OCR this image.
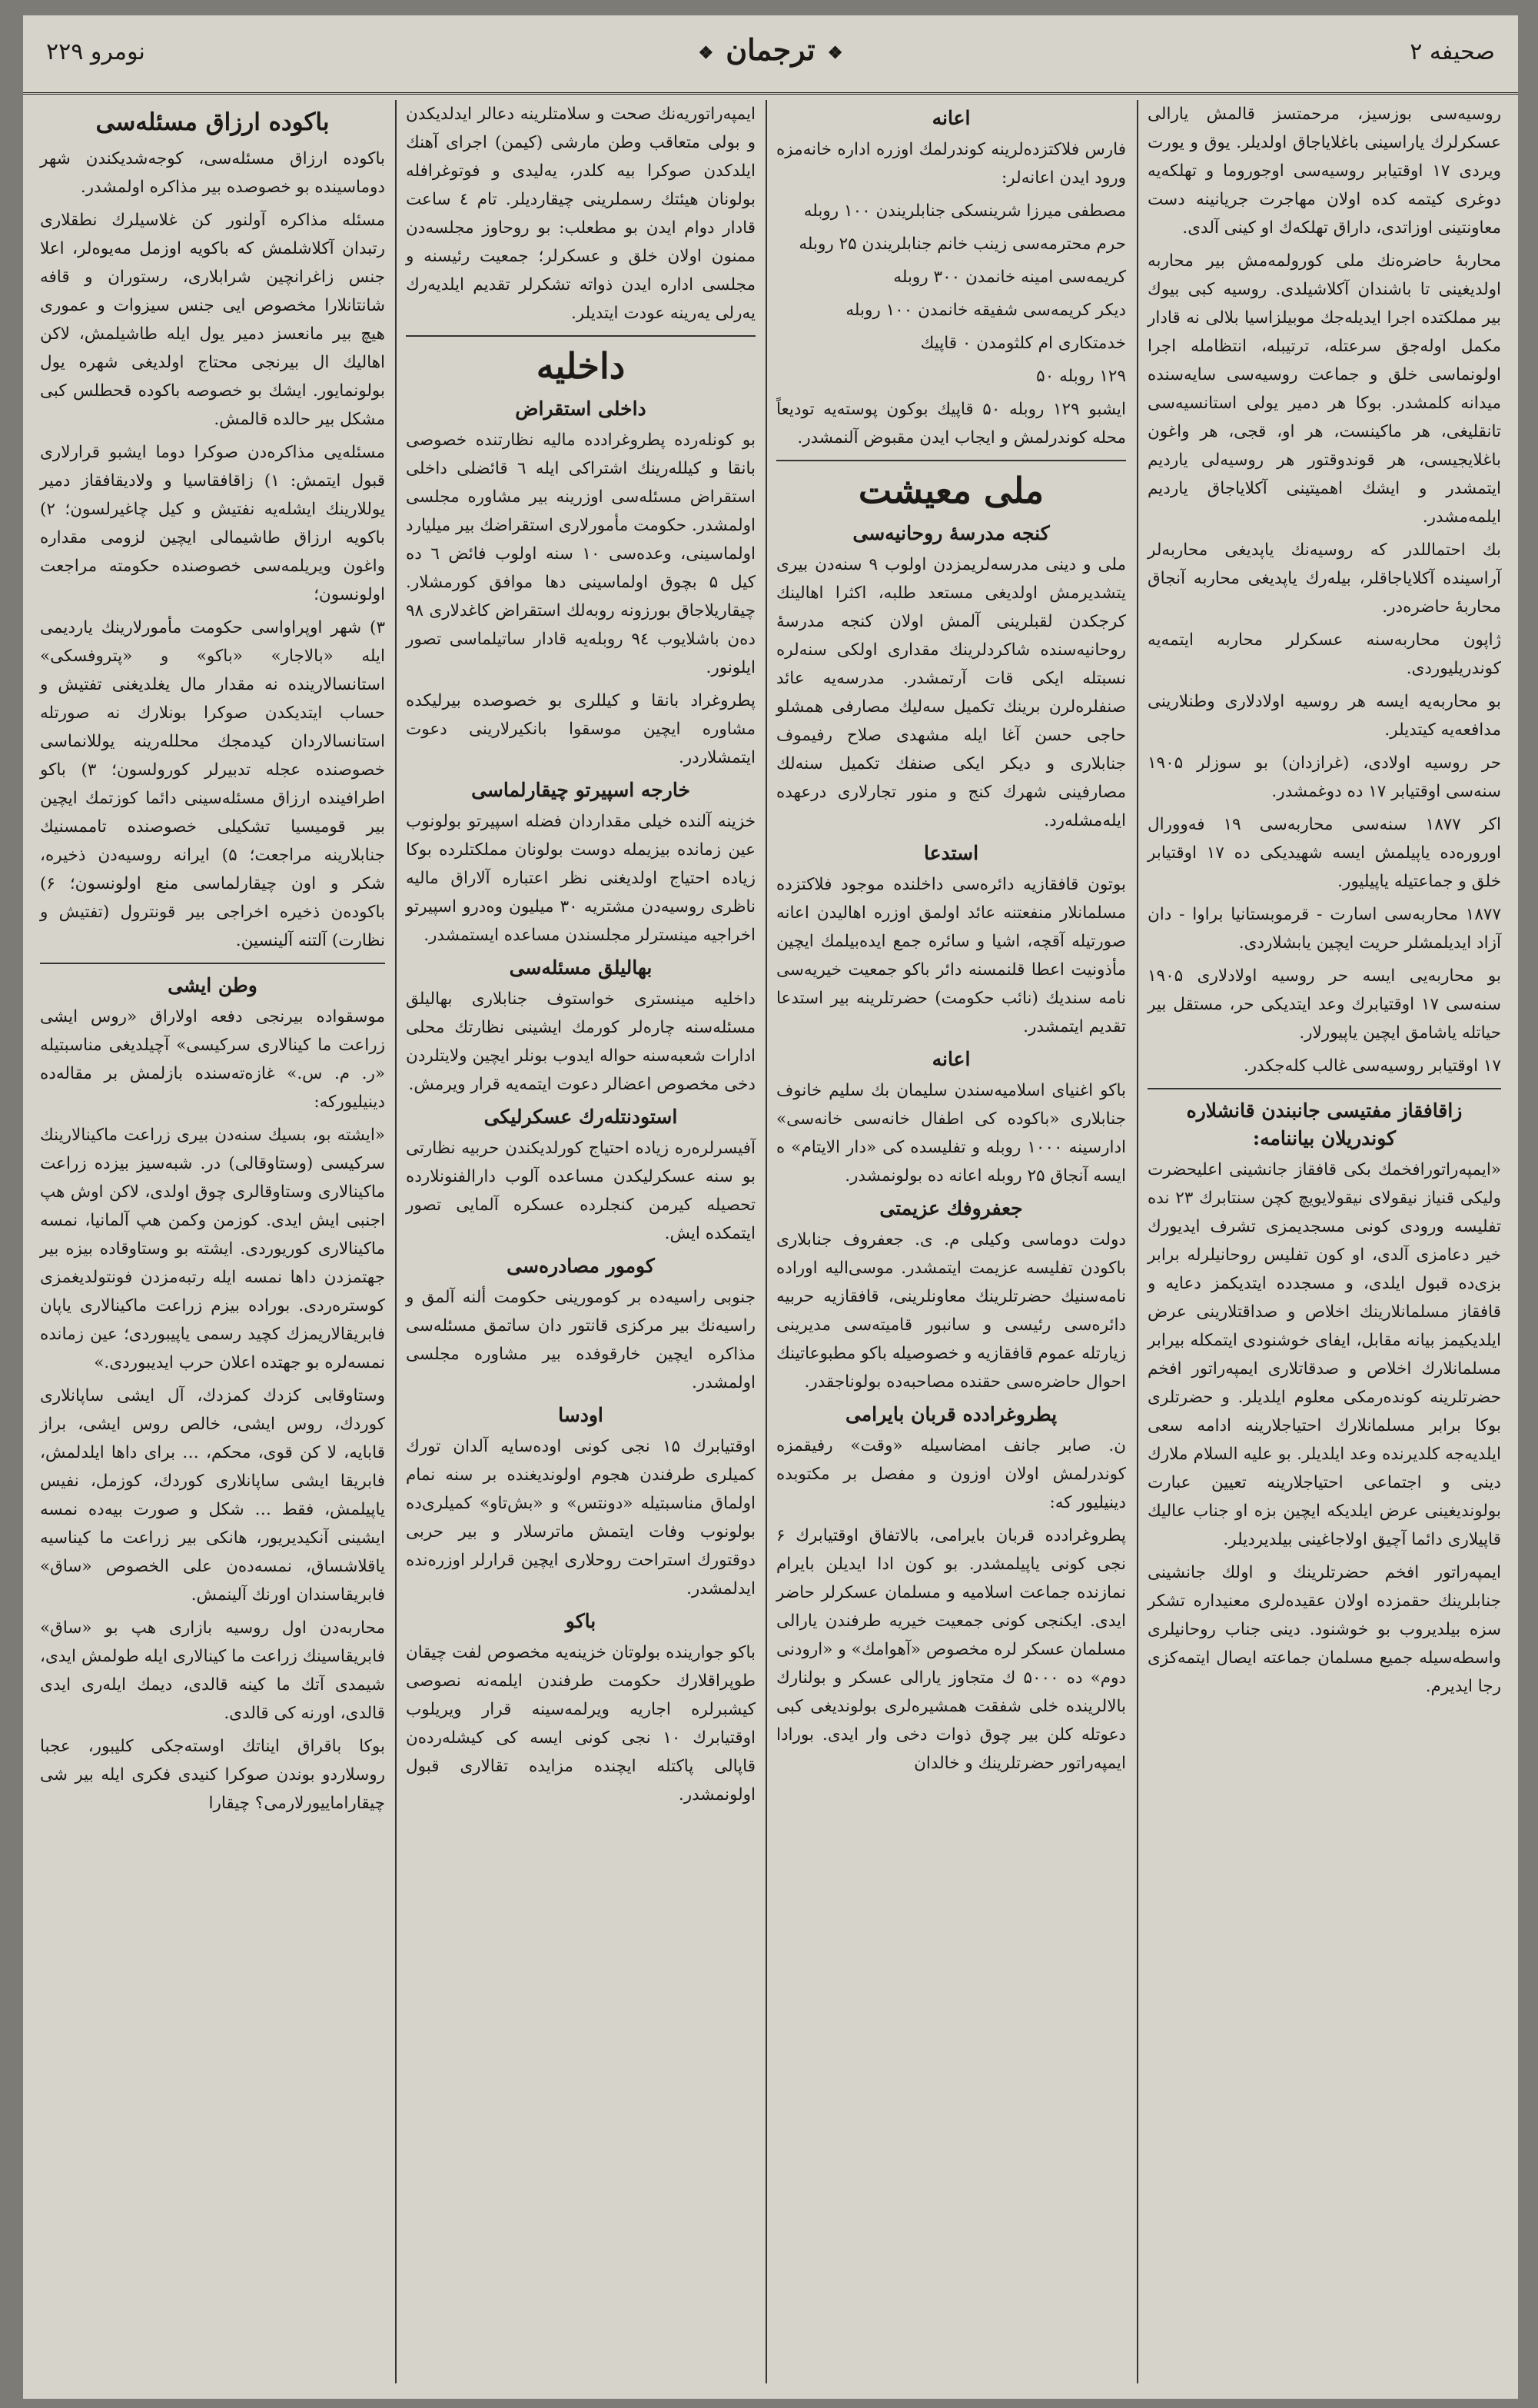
صحیفه ۲
❖ ترجمان ❖
نومرو ۲۲۹

روسیه‌سی بوزسیز، مرحمتسز قالمش یارالی عسکرلرك یاراسینی باغلایاجاق اولدیلر. یوق و یورت ویردی ۱۷ اوقتیابر روسیه‌سی اوجوروما و تهلکه‌یه دوغری کیتمه کده اولان مهاجرت جریانینه دست معاونتینی اوزاتدی، داراق تهلکه‌ك او کینی آلدی.

محاربه‌ٔ حاضره‌نك ملی کورولمه‌مش بیر محاربه اولدیغینی تا باشندان آکلاشیلدی. روسیه کبی بیوك بیر مملکتده اجرا ایدیله‌جك موبیلزاسیا بلالی نه قادار مکمل اوله‌جق سرعتله، ترتیبله، انتظامله اجرا اولونماسی خلق و جماعت روسیه‌سی سایه‌سنده میدانه کلمشدر. بوکا هر دمیر یولی استانسیه‌سی تانقلیغی، هر ماکینست، هر او، قجی، هر واغون باغلایجیسی، هر قوندوقتور هر روسیه‌لی یاردیم ایتمشدر و ایشك اهمیتینی آکلایاجاق یاردیم ایلمه‌مشدر.

بك احتماللدر که روسیه‌نك یاپدیغی محاربه‌لر آراسینده آکلایاجاقلر، بیله‌رك یاپدیغی محاربه آنجاق محاربهٔ حاضره‌در.

ژاپون محاربه‌سنه عسکرلر محاربه ایتمه‌یه کوندریلیوردی.

بو محاربه‌یه ایسه هر روسیه اولادلاری وطنلارینی مدافعه‌یه کیتدیلر.

حر روسیه اولادی، (غرازدان) بو سوزلر ۱۹۰۵ سنه‌سی اوقتیابر ۱۷ ده دوغمشدر.

اکر ۱۸۷۷ سنه‌سی محاربه‌سی ۱۹ فه‌وورال اوروره‌ده یاپیلمش ایسه شهیدیکی ده ۱۷ اوقتیابر خلق و جماعتیله یاپیلیور.

۱۸۷۷ محاربه‌سی اسارت - قرموبستانیا براوا - دان آزاد ایدیلمشلر حریت ایچین یابشلاردی.

بو محاربه‌یی ایسه حر روسیه اولادلاری ۱۹۰۵ سنه‌سی ۱۷ اوقتیابرك وعد ایتدیکی حر، مستقل بیر حیاتله یاشامق ایچین یاپیورلار.

۱۷ اوقتیابر روسیه‌سی غالب کله‌جکدر.

زاقافقاز مفتیسی جانبندن قانشلاره کوندریلان بیاننامه:

«ایمپه‌راتورافخمك بکی قافقاز جانشینی اعلیحضرت ولیکی قنیاز نیقولای نیقولایویچ کچن سنتابرك ۲۳ نده تفلیسه ورودی کونی مسجدیمزی تشرف ایدیورك خیر دعامزی آلدی، او کون تفلیس روحانیلرله برابر بزی‌ده قبول ایلدی، و مسجدده ایتدیکمز دعایه و قافقاز مسلمانلارینك اخلاص و صداقتلارینی عرض ایلدیکیمز بیانه مقابل، ایفای خوشنودی ایتمکله بیرابر مسلمانلارك اخلاص و صدقاتلاری ایمپه‌راتور افخم حضرتلرینه کونده‌رمکی معلوم ایلدیلر. و حضرتلری بوکا برابر مسلمانلارك احتیاجلارینه ادامه سعی ایلدیه‌جه کلدیرنده وعد ایلدیلر. بو علیه السلام ملارك دینی و اجتماعی احتیاجلارینه تعیین عبارت بولوندیغینی عرض ایلدیکه ایچین بزه او جناب عالیك قاپیلاری دائما آچیق اولاجاغینی بیلدیردیلر.

ایمپه‌راتور افخم حضرتلرینك و اولك جانشینی جنابلرینك حقمزده اولان عقیده‌لری معنیداره تشکر سزه بیلدیروب بو خوشنود. دینی جناب روحانیلری واسطه‌سیله جمیع مسلمان جماعته ایصال ایتمه‌کزی رجا ایدیرم.

اعانه

فارس فلاکتزده‌لرینه کوندرلمك اوزره اداره خانه‌مزه ورود ایدن اعانه‌لر:

مصطفی میرزا شرینسکی جنابلریندن ۱۰۰ روبله

حرم محترمه‌سی زینب خانم جنابلریندن ۲۵ روبله

کریمه‌سی امینه خانمدن ۳۰۰ روبله

دیکر کریمه‌سی شفیقه خانمدن ۱۰۰ روبله

خدمتکاری ام کلثومدن ۰ قاپیك

۱۲۹ روبله ۵۰

ایشبو ۱۲۹ روبله ۵۰ قاپیك بوکون پوسته‌یه تودیعاً محله کوندرلمش و ایجاب ایدن مقبوض آلنمشدر.

ملی معیشت
کنجه مدرسهٔ روحانیه‌سی

ملی و دینی مدرسه‌لریمزدن اولوب ۹ سنه‌دن بیری یتشدیرمش اولدیغی مستعد طلبه، اکثرا اهالینك کرجکدن لقبلرینی آلمش اولان کنجه مدرسهٔ روحانیه‌سنده شاکردلرینك مقداری اولکی سنه‌لره نسبتله ایکی قات آرتمشدر. مدرسه‌یه عائد صنفلره‌لرن برینك تکمیل سه‌لیك مصارفی همشلو حاجی حسن آغا ایله مشهدی صلاح رفیموف جنابلاری و دیکر ایکی صنفك تکمیل سنه‌لك مصارفینی شهرك کنج و منور تجارلاری درعهده ایله‌مشله‌رد.

استدعا

بوتون قافقازیه دائره‌سی داخلنده موجود فلاکتزده مسلمانلار منفعتنه عائد اولمق اوزره اهالیدن اعانه صورتیله آقچه، اشیا و سائره جمع ایده‌بیلمك ایچین مأذونیت اعطا قلنمسنه دائر باکو جمعیت خیریه‌سی نامه سندیك (نائب حکومت) حضرتلرینه بیر استدعا تقدیم ایتمشدر.

اعانه

باکو اغنیای اسلامیه‌سندن سلیمان بك سلیم خانوف جنابلاری «باکوده کی اطفال خانه‌سی خانه‌سی» ادارسینه ۱۰۰۰ روبله و تفلیسده کی «دار الایتام» ه ایسه آنجاق ۲۵ روبله اعانه ده بولونمشدر.

جعفروفك عزیمتی

دولت دوماسی وکیلی م. ی. جعفروف جنابلاری باکودن تفلیسه عزیمت ایتمشدر. موسی‌الیه اوراده نامه‌سنیك حضرتلرینك معاونلرینی، قافقازیه حربیه دائره‌سی رئیسی و سانبور قامیته‌سی مدیرینی زیارتله عموم قافقازیه و خصوصیله باکو مطبوعاتینك احوال حاضره‌سی حقنده مصاحبه‌ده بولوناجقدر.

پطروغراد‌ده قربان بایرامی

ن. صابر جانف امضاسیله «وقت» رفیقمزه کوندرلمش اولان اوزون و مفصل بر مکتوبده دینیلیور که:

پطروغراد‌ده قربان بایرامی، بالاتفاق اوقتیابرك ۶ نجی کونی یاپیلمشدر. بو کون ادا ایدیلن بایرام نمازنده جماعت اسلامیه و مسلمان عسکرلر حاضر ایدی. ایکنجی کونی جمعیت خیریه طرفندن یارالی مسلمان عسکر لره مخصوص «آهوامك» و «ارودنی دوم» ده ۵۰۰۰ ك متجاوز یارالی عسکر و بولنارك بالالرینده خلی شفقت همشیره‌لری بولوندیغی کبی دعوتله کلن بیر چوق ذوات دخی وار ایدی. بورادا ایمپه‌راتور حضرتلرینك و خالدان

ایمپه‌راتوریه‌نك صحت و سلامتلرینه دعالر ایدلدیکدن و بولی متعاقب وطن مارشی (کیمن) اجرای آهنك ایلدکدن صوکرا بیه کلدر، یه‌لیدی و فوتوغرافله بولونان هیئتك رسملرینی چیقاردیلر. تام ٤ ساعت قادار دوام ایدن بو مطعلب: بو روحاوز مجلسه‌دن ممنون اولان خلق و عسکرلر؛ جمعیت رئیسنه و مجلسی اداره ایدن ذواته تشکرلر تقدیم ایلدیه‌رك یه‌رلی یه‌رینه عودت ایتدیلر.

داخلیه
داخلی استقراض

بو کونله‌رده پطروغراد‌ده مالیه نظارتنده خصوصی بانقا و کیلله‌رینك اشتراکی ایله ٦ قائضلی داخلی استقراض مسئله‌سی اوزرینه بیر مشاوره مجلسی اولمشدر. حکومت مأمورلاری استقراضك بیر میلیارد اولماسینی، وعده‌سی ۱۰ سنه اولوب فائض ٦ ده کیل ۵ بچوق اولماسینی دها موافق کورمشلار. چیقاریلاجاق بورزونه روبه‌لك استقراض کاغدلاری ۹۸ ده‌ن باشلایوب ۹٤ روبله‌یه قادار ساتیلماسی تصور ایلونور.

پطروغراد بانقا و کیللری بو خصوصده بیرلیکده مشاوره ایچین موسقوا بانکیرلارینی دعوت ایتمشلاردر.

خارجه اسپیرتو چیقارلماسی

خزینه آلنده خیلی مقداردان فضله اسپیرتو بولونوب عین زمانده بیزیمله دوست بولونان مملکتلرده بوکا زیاده احتیاج اولدیغنی نظر اعتباره آلاراق مالیه ناظری روسیه‌دن مشتریه ۳۰ میلیون وه‌درو اسپیرتو اخراجیه مینسترلر مجلسندن مساعده ایستمشدر.

بهالیلق مسئله‌سی

داخلیه مینستری خواستوف جنابلاری بهالیلق مسئله‌سنه چاره‌لر کورمك ایشینی نظارتك محلی ادارات شعبه‌سنه حواله ایدوب بونلر ایچین ولایتلردن دخی مخصوص اعضالر دعوت ایتمه‌یه قرار ویرمش.

استودنتله‌رك عسکرلیکی

آفیسرلره‌ره زیاده احتیاج کورلدیکندن حربیه نظارتی بو سنه عسکرلیکدن مساعده آلوب دارالفنونلارده تحصیله کیرمن کنجلرده عسکره آلمایی تصور ایتمکده ایش.

کومور مصادره‌سی

جنوبی راسیه‌ده بر کومورینی حکومت ألنه آلمق و راسیه‌نك بیر مرکزی قانتور دان ساتمق مسئله‌سی مذاکره ایچین خارقوفده بیر مشاوره مجلسی اولمشدر.

اودسا

اوقتیابرك ۱۵ نجی کونی اوده‌سایه آلدان تورك کمیلری طرفندن هجوم اولوندیغنده بر سنه نمام اولماق مناسبتیله «دونتس» و «بش‌تاو» کمیلری‌ده بولونوب وفات ایتمش ماترسلار و بیر حربی دوقتورك استراحت روحلاری ایچین قرارلر اوزره‌نده ایدلمشدر.

باکو

باکو جوارینده بولوتان خزینه‌یه مخصوص لفت چیقان طوپراقلارك حکومت طرفندن ایلمه‌نه نصوصی کیشبرلره اجاریه ویرلمه‌سینه قرار ویریلوب اوقتیابرك ۱۰ نجی کونی ایسه کی کیشله‌رده‌ن قاپالی پاکتله ایچنده مزایده تقالاری قبول اولونمشدر.

باکوده ارزاق مسئله‌سی

باکوده ارزاق مسئله‌سی، کوجه‌شدیکندن شهر دوماسینده بو خصوصده بیر مذاکره اولمشدر.

مسئله مذاکره آولنور کن غلاسیلرك نطقلاری رتبدان آکلاشلمش که باکویه اوزمل مه‌یوه‌لر، اعلا جنس زاغرانچین شرابلاری، رستوران و قافه شانتانلارا مخصوص ایی جنس سیزوات و عموری هیچ بیر مانعسز دمیر یول ایله طاشیلمش، لا‌کن اهالیك ال بیرنجی محتاج اولدیغی شهره یول بولونمایور. ایشك بو خصوصه باکوده قحطلس کبی مشکل بیر حالده قالمش.

مسئله‌یی مذاکره‌دن صوکرا دوما ایشبو قرارلاری قبول ایتمش: ۱) زاقافقاسیا و ولادیقافقاز دمیر یوللارینك ایشله‌یه نفتیش و کیل چاغیرلسون؛ ۲) باکویه ارزاق طاشیمالی ایچین لزومی مقداره واغون ویریلمه‌سی خصوصنده حکومته مراجعت اولونسون؛

۳) شهر اوپراواسی حکومت مأمورلارینك یاردیمی ایله «بالاجار» «باکو» و «پتروفسکی» استانسالارینده نه مقدار مال یغلدیغنی تفتیش و حساب ایتدیکدن صوکرا بونلارك نه صورتله استانسالاردان کیدمجك محلله‌رینه یوللانماسی خصوصنده عجله تدبیرلر کورولسون؛ ۳) باکو اطرافینده ارزاق مسئله‌سینی دائما کوزتمك ایچین بیر قومیسیا تشکیلی خصوصنده تاممسنیك جنابلارینه مراجعت؛ ۵) ایرانه روسیه‌دن ذخیره، شکر و اون چیقارلماسی منع اولونسون؛ ۶) باکوده‌ن ذخیره اخراجی بیر قونترول (تفتیش و نظارت) آلتنه آلینسین.

وطن ایشی

موسقواده بیرنجی دفعه اولاراق «روس ایشی زراعت ما کینالاری سرکیسی» آچیلدیغی مناسبتیله «ر. م. س.» غازه‌ته‌سنده بازلمش بر مقاله‌ده دینیلیورکه:

«ایشته بو، بسیك سنه‌دن بیری زراعت ماکینالارینك سرکیسی (وستاوقالی) در. شبه‌سیز بیزده زراعت ماکینالاری وستاوقالری چوق اولدی، لاکن اوش هپ اجنبی ایش ایدی. کوزمن وکمن هپ آلمانیا، نمسه ماکینالاری کوریوردی. ایشته بو وستاوقاده بیزه بیر جهتمزدن داها نمسه ایله رتبه‌مزدن فونتولدیغمزی کوستره‌ردی. بوراده بیزم زراعت ماکینالاری یاپان فابریقالاریمزك کچید رسمی یاپیبوردی؛ عین زمانده نمسه‌لره بو جهتده اعلان حرب ایدیبوردی.»

وستاوقابی کزدك کمزدك، آل ایشی ساپانلاری کوردك، روس ایشی، خالص روس ایشی، براز قابایه، لا کن قوی، محکم، … برای داها ایلدلمش، فابریقا ایشی ساپانلاری کوردك، کوزمل، نفیس یاپیلمش، فقط … شکل و صورت بیه‌ده نمسه ایشینی آنکیدیریور، هانکی بیر زراعت ما کیناسیه یاقلاشساق، نمسه‌ده‌ن علی الخصوص «ساق» فابریقاسندان اورنك آلینمش.

محاربه‌دن اول روسیه بازاری هپ بو «ساق» فابریقاسینك زراعت ما کینالاری ایله طولمش ایدی، شیمدی آتك ما کینه قالدی، دیمك ایله‌ری ایدی قالدی، اورنه کی قالدی.

بوکا باقراق ایناتك اوسته‌جکی کلیبور، عجبا روسلاردو بوندن صوکرا کنیدی فکری ایله بیر شی چیقاراماییورلارمی؟ چیقارا
